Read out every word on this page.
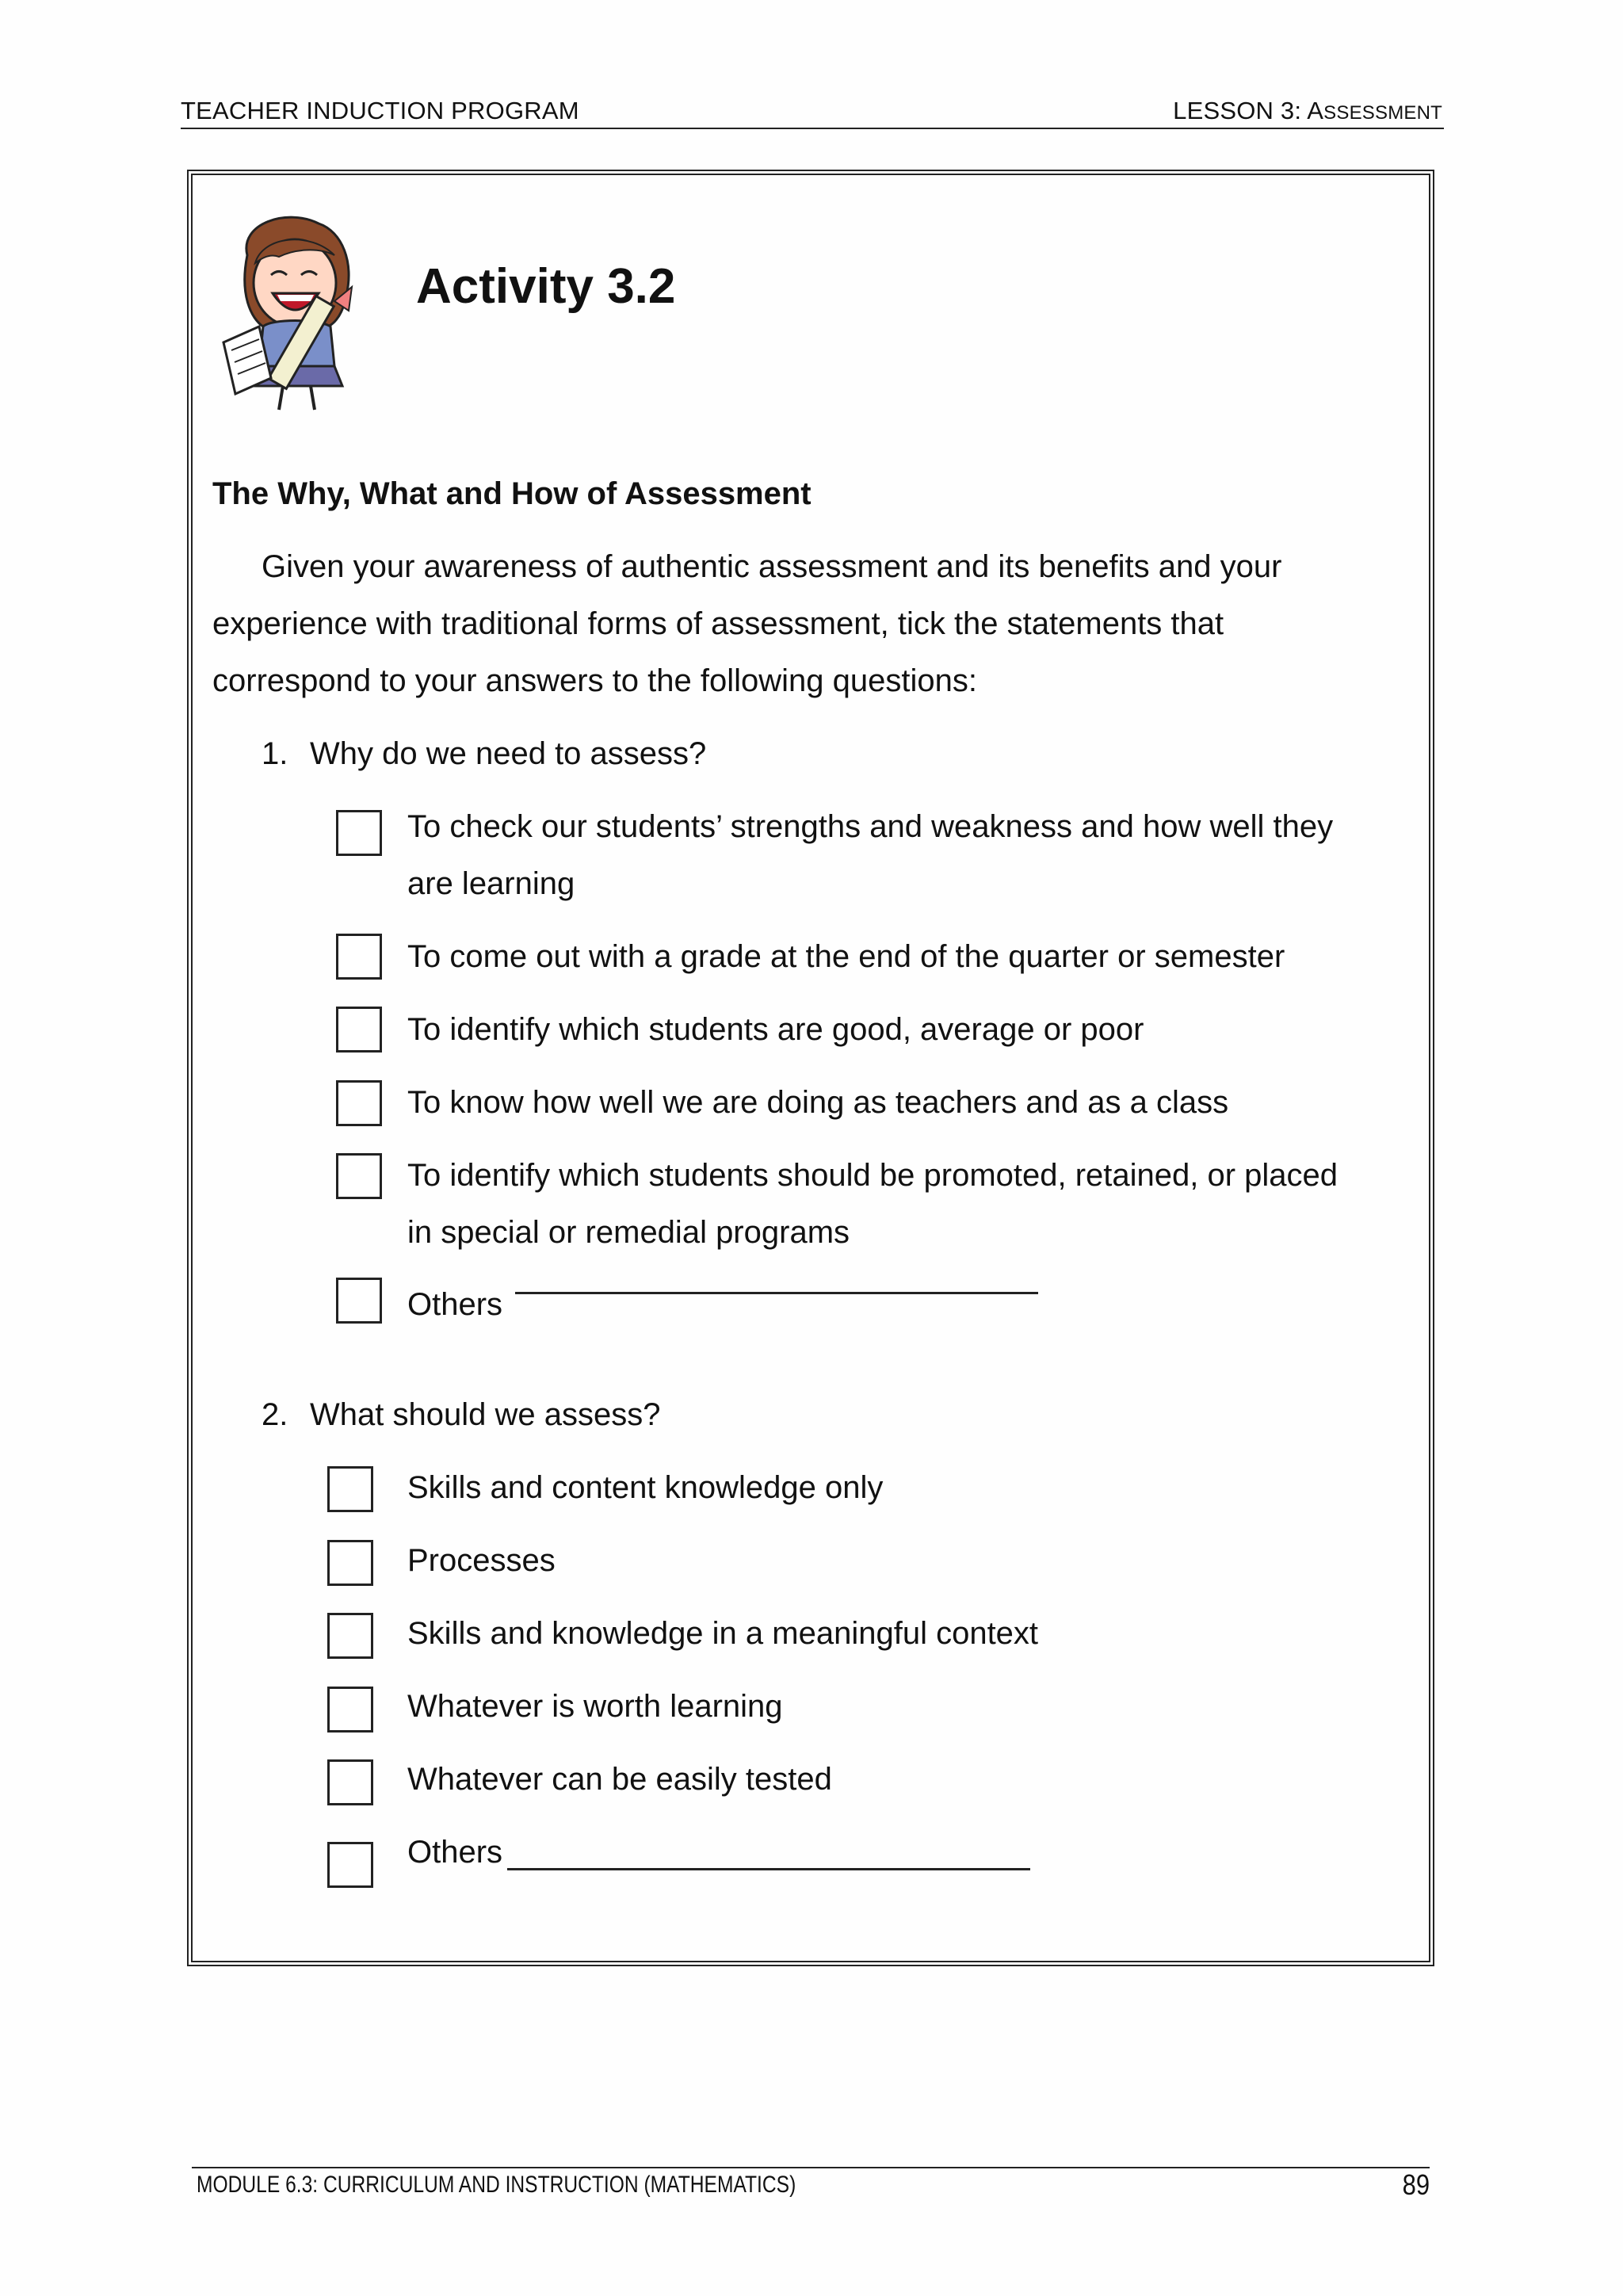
TEACHER INDUCTION PROGRAM	LESSON 3: ASSESSMENT
Activity 3.2
The Why, What and How of Assessment
Given your awareness of authentic assessment and its benefits and your
experience with traditional forms of assessment, tick the statements that
correspond to your answers to the following questions:
1. Why do we need to assess?
To check our students’ strengths and weakness and how well they
are learning
To come out with a grade at the end of the quarter or semester
To identify which students are good, average or poor
To know how well we are doing as teachers and as a class
To identify which students should be promoted, retained, or placed
in special or remedial programs
Others
2. What should we assess?
Skills and content knowledge only
Processes
Skills and knowledge in a meaningful context
Whatever is worth learning
Whatever can be easily tested
Others
MODULE 6.3: CURRICULUM AND INSTRUCTION (MATHEMATICS)	89
